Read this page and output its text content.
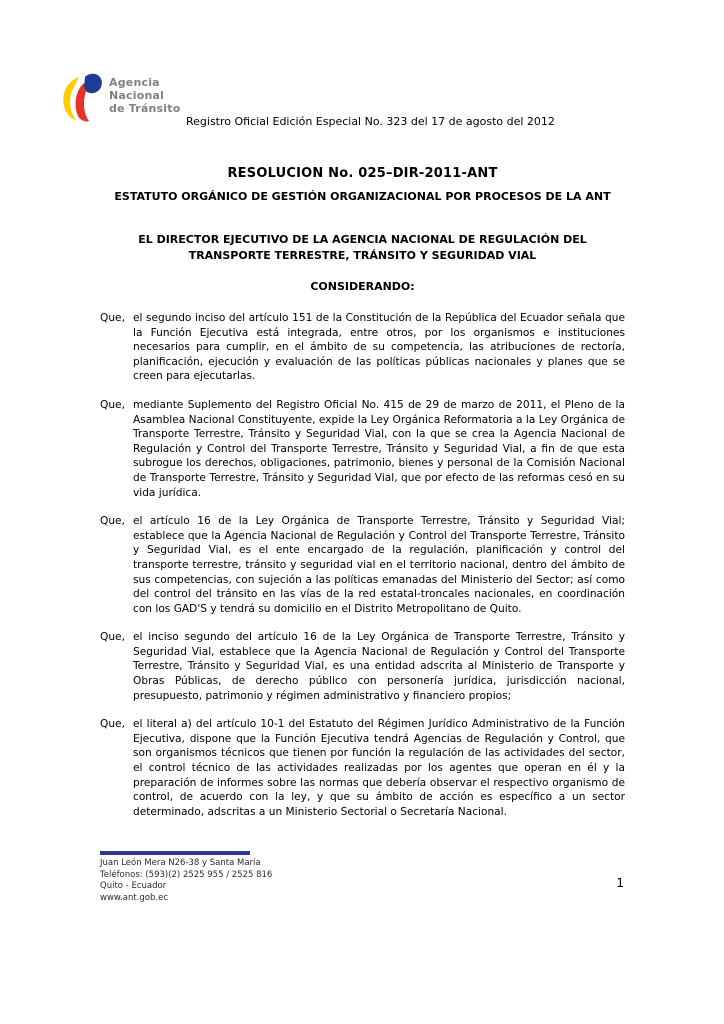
Agencia
Nacional
de Tránsito
Registro Oficial Edición Especial No. 323 del 17 de agosto del 2012
RESOLUCION No. 025–DIR-2011-ANT
ESTATUTO ORGÁNICO DE GESTIÓN ORGANIZACIONAL POR PROCESOS DE LA ANT
EL DIRECTOR EJECUTIVO DE LA AGENCIA NACIONAL DE REGULACIÓN DEL TRANSPORTE TERRESTRE, TRÁNSITO Y SEGURIDAD VIAL
CONSIDERANDO:
Que, el segundo inciso del artículo 151 de la Constitución de la República del Ecuador señala que la Función Ejecutiva está integrada, entre otros, por los organismos e instituciones necesarios para cumplir, en el ámbito de su competencia, las atribuciones de rectoría, planificación, ejecución y evaluación de las políticas públicas nacionales y planes que se creen para ejecutarlas.
Que, mediante Suplemento del Registro Oficial No. 415 de 29 de marzo de 2011, el Pleno de la Asamblea Nacional Constituyente, expide la Ley Orgánica Reformatoria a la Ley Orgánica de Transporte Terrestre, Tránsito y Seguridad Vial, con la que se crea la Agencia Nacional de Regulación y Control del Transporte Terrestre, Tránsito y Seguridad Vial, a fin de que esta subrogue los derechos, obligaciones, patrimonio, bienes y personal de la Comisión Nacional de Transporte Terrestre, Tránsito y Seguridad Vial, que por efecto de las reformas cesó en su vida jurídica.
Que, el artículo 16 de la Ley Orgánica de Transporte Terrestre, Tránsito y Seguridad Vial; establece que la Agencia Nacional de Regulación y Control del Transporte Terrestre, Tránsito y Seguridad Vial, es el ente encargado de la regulación, planificación y control del transporte terrestre, tránsito y seguridad vial en el territorio nacional, dentro del ámbito de sus competencias, con sujeción a las políticas emanadas del Ministerio del Sector; así como del control del tránsito en las vías de la red estatal-troncales nacionales, en coordinación con los GAD'S y tendrá su domicilio en el Distrito Metropolitano de Quito.
Que, el inciso segundo del artículo 16 de la Ley Orgánica de Transporte Terrestre, Tránsito y Seguridad Vial, establece que la Agencia Nacional de Regulación y Control del Transporte Terrestre, Tránsito y Seguridad Vial, es una entidad adscrita al Ministerio de Transporte y Obras Públicas, de derecho público con personería jurídica, jurisdicción nacional, presupuesto, patrimonio y régimen administrativo y financiero propios;
Que, el literal a) del artículo 10-1 del Estatuto del Régimen Jurídico Administrativo de la Función Ejecutiva, dispone que la Función Ejecutiva tendrá Agencias de Regulación y Control, que son organismos técnicos que tienen por función la regulación de las actividades del sector, el control técnico de las actividades realizadas por los agentes que operan en él y la preparación de informes sobre las normas que debería observar el respectivo organismo de control, de acuerdo con la ley, y que su ámbito de acción es específico a un sector determinado, adscritas a un Ministerio Sectorial o Secretaría Nacional.
Juan León Mera N26-38 y Santa María
Teléfonos: (593)(2) 2525 955 / 2525 816
Quito - Ecuador
www.ant.gob.ec
1
